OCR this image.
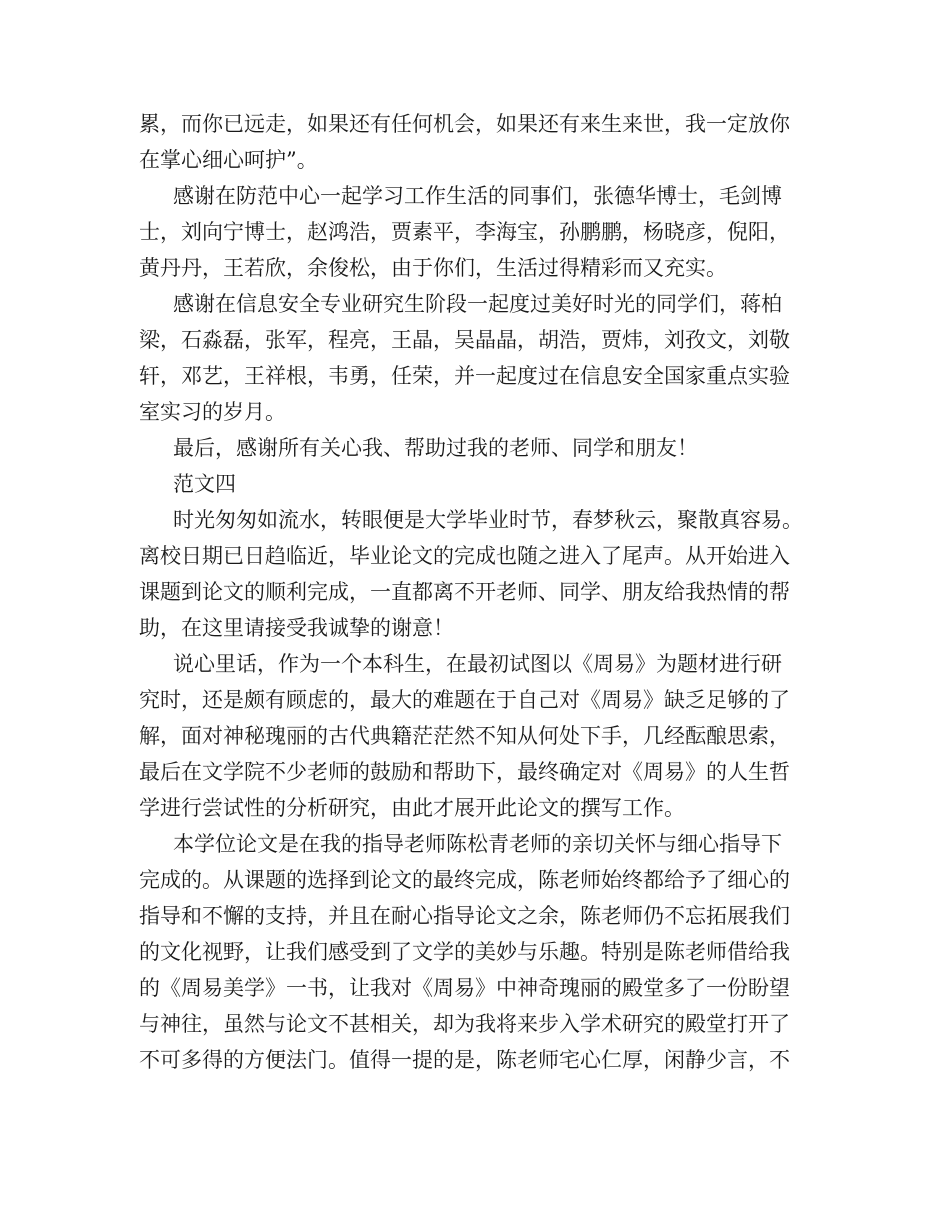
累，而你已远走，如果还有任何机会，如果还有来生来世，我一定放你
在掌心细心呵护”。
感谢在防范中心一起学习工作生活的同事们，张德华博士，毛剑博
士，刘向宁博士，赵鸿浩，贾素平，李海宝，孙鹏鹏，杨晓彦，倪阳，
黄丹丹，王若欣，余俊松，由于你们，生活过得精彩而又充实。
感谢在信息安全专业研究生阶段一起度过美好时光的同学们，蒋柏
梁，石淼磊，张军，程亮，王晶，吴晶晶，胡浩，贾炜，刘孜文，刘敬
轩，邓艺，王祥根，韦勇，任荣，并一起度过在信息安全国家重点实验
室实习的岁月。
最后，感谢所有关心我、帮助过我的老师、同学和朋友！
范文四
时光匆匆如流水，转眼便是大学毕业时节，春梦秋云，聚散真容易。
离校日期已日趋临近，毕业论文的完成也随之进入了尾声。从开始进入
课题到论文的顺利完成，一直都离不开老师、同学、朋友给我热情的帮
助，在这里请接受我诚挚的谢意！
说心里话，作为一个本科生，在最初试图以《周易》为题材进行研
究时，还是颇有顾虑的，最大的难题在于自己对《周易》缺乏足够的了
解，面对神秘瑰丽的古代典籍茫茫然不知从何处下手，几经酝酿思索，
最后在文学院不少老师的鼓励和帮助下，最终确定对《周易》的人生哲
学进行尝试性的分析研究，由此才展开此论文的撰写工作。
本学位论文是在我的指导老师陈松青老师的亲切关怀与细心指导下
完成的。从课题的选择到论文的最终完成，陈老师始终都给予了细心的
指导和不懈的支持，并且在耐心指导论文之余，陈老师仍不忘拓展我们
的文化视野，让我们感受到了文学的美妙与乐趣。特别是陈老师借给我
的《周易美学》一书，让我对《周易》中神奇瑰丽的殿堂多了一份盼望
与神往，虽然与论文不甚相关，却为我将来步入学术研究的殿堂打开了
不可多得的方便法门。值得一提的是，陈老师宅心仁厚，闲静少言，不
